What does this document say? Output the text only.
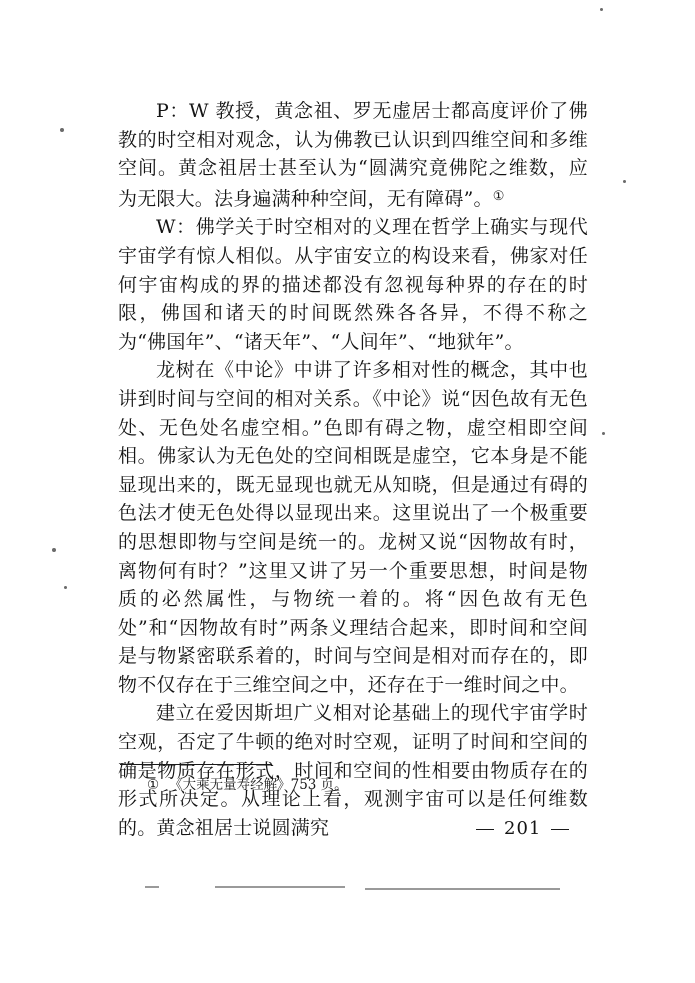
P：W 教授，黄念祖、罗无虚居士都高度评价了佛教的时空相对观念，认为佛教已认识到四维空间和多维空间。黄念祖居士甚至认为“圆满究竟佛陀之维数，应为无限大。法身遍满种种空间，无有障碍”。①

W：佛学关于时空相对的义理在哲学上确实与现代宇宙学有惊人相似。从宇宙安立的构设来看，佛家对任何宇宙构成的界的描述都没有忽视每种界的存在的时限，佛国和诸天的时间既然殊各各异，不得不称之为“佛国年”、“诸天年”、“人间年”、“地狱年”。

龙树在《中论》中讲了许多相对性的概念，其中也讲到时间与空间的相对关系。《中论》说“因色故有无色处、无色处名虚空相。”色即有碍之物，虚空相即空间相。佛家认为无色处的空间相既是虚空，它本身是不能显现出来的，既无显现也就无从知晓，但是通过有碍的色法才使无色处得以显现出来。这里说出了一个极重要的思想即物与空间是统一的。龙树又说“因物故有时，离物何有时？”这里又讲了另一个重要思想，时间是物质的必然属性，与物统一着的。将“因色故有无色处”和“因物故有时”两条义理结合起来，即时间和空间是与物紧密联系着的，时间与空间是相对而存在的，即物不仅存在于三维空间之中，还存在于一维时间之中。

建立在爱因斯坦广义相对论基础上的现代宇宙学时空观，否定了牛顿的绝对时空观，证明了时间和空间的确是物质存在形式，时间和空间的性相要由物质存在的形式所决定。从理论上看，观测宇宙可以是任何维数的。黄念祖居士说圆满究

① 《大乘无量寿经解》753 页。
201
